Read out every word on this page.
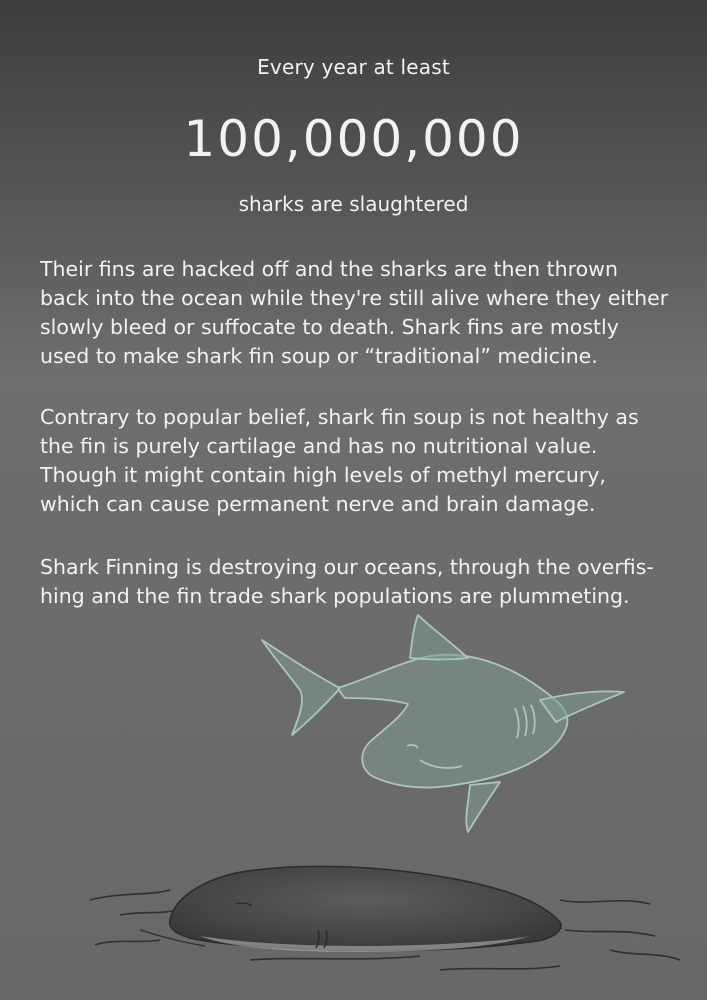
Every year at least
100,000,000
sharks are slaughtered
Their fins are hacked off and the sharks are then thrown
back into the ocean while they're still alive where they either
slowly bleed or suffocate to death. Shark fins are mostly
used to make shark fin soup or “traditional” medicine.
Contrary to popular belief, shark fin soup is not healthy as
the fin is purely cartilage and has no nutritional value.
Though it might contain high levels of methyl mercury,
which can cause permanent nerve and brain damage.
Shark Finning is destroying our oceans, through the overfis-
hing and the fin trade shark populations are plummeting.
